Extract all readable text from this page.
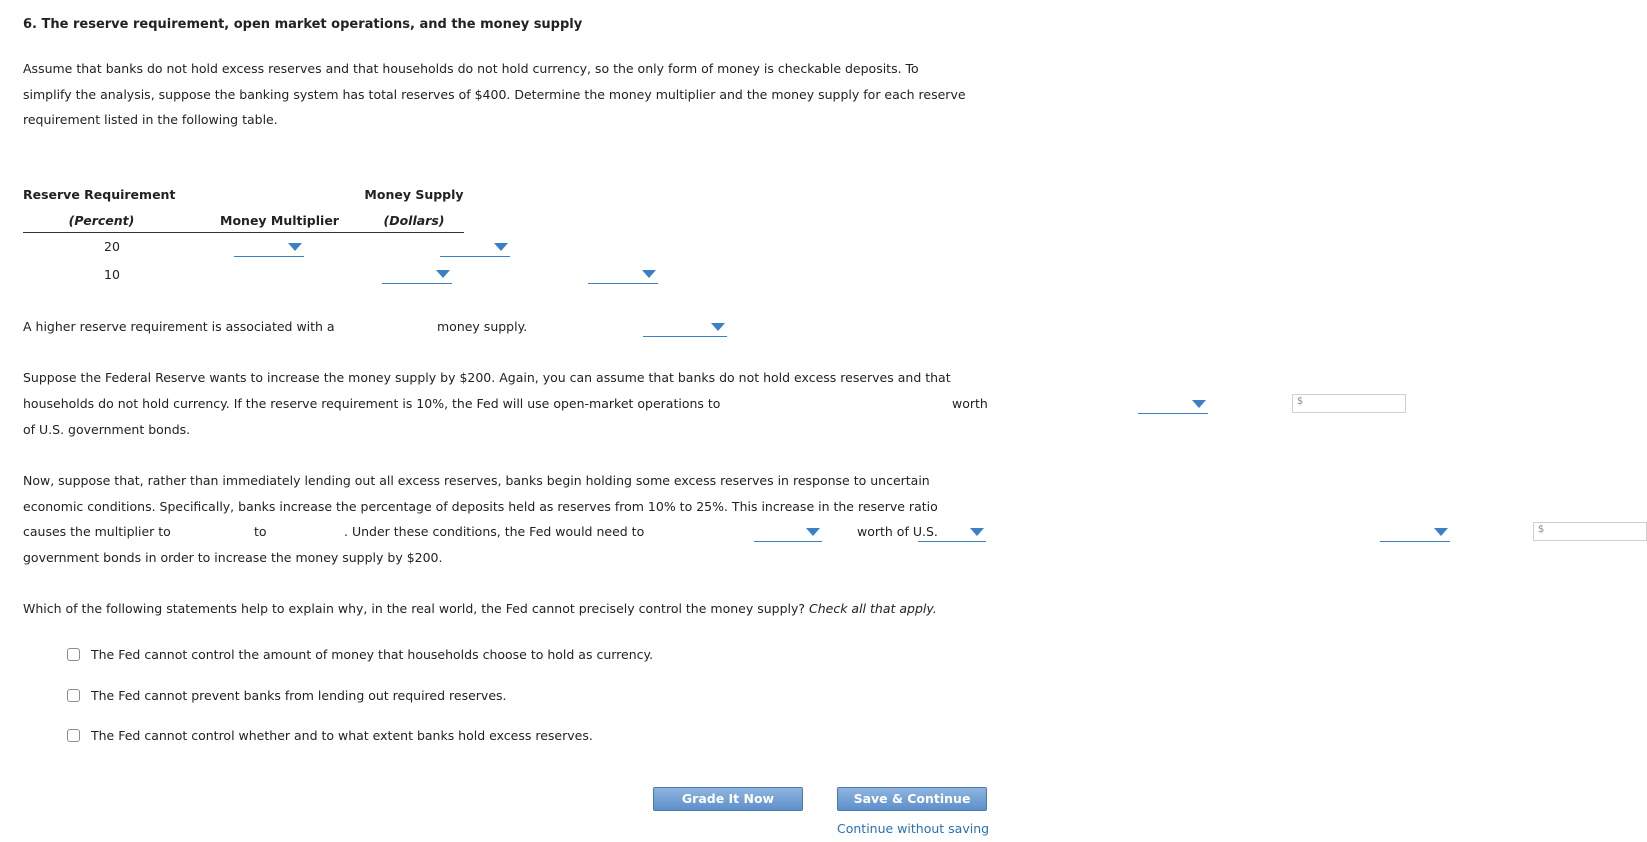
6. The reserve requirement, open market operations, and the money supply
Assume that banks do not hold excess reserves and that households do not hold currency, so the only form of money is checkable deposits. To
simplify the analysis, suppose the banking system has total reserves of $400. Determine the money multiplier and the money supply for each reserve
requirement listed in the following table.
Reserve Requirement		Money Supply
(Percent)	Money Multiplier	(Dollars)
20
10

A higher reserve requirement is associated with a
	money supply.
Suppose the Federal Reserve wants to increase the money supply by $200. Again, you can assume that banks do not hold excess reserves and that
households do not hold currency. If the reserve requirement is 10%, the Fed will use open-market operations to
	$

worth
of U.S. government bonds.
Now, suppose that, rather than immediately lending out all excess reserves, banks begin holding some excess reserves in response to uncertain
economic conditions. Specifically, banks increase the percentage of deposits held as reserves from 10% to 25%. This increase in the reserve ratio
causes the multiplier to
	to
	. Under these conditions, the Fed would need to
	$
worth of U.S.
government bonds in order to increase the money supply by $200.
Which of the following statements help to explain why, in the real world, the Fed cannot precisely control the money supply? Check all that apply.
The Fed cannot control the amount of money that households choose to hold as currency.
The Fed cannot prevent banks from lending out required reserves.
The Fed cannot control whether and to what extent banks hold excess reserves.
Grade It Now	Save & Continue
Continue without saving
